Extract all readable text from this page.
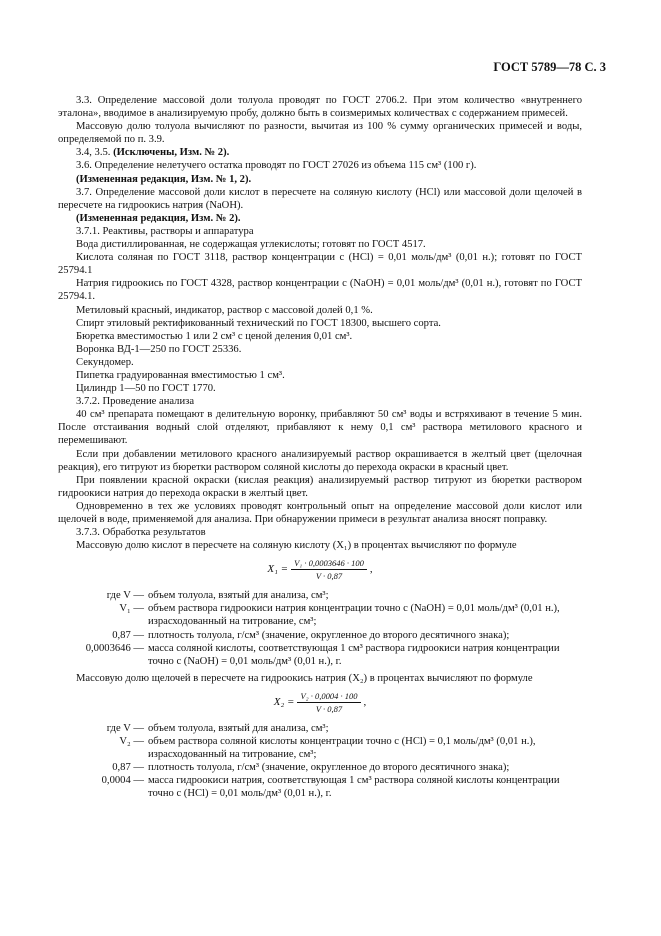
ГОСТ 5789—78 С. 3

3.3. Определение массовой доли толуола проводят по ГОСТ 2706.2. При этом количество «внутреннего эталона», вводимое в анализируемую пробу, должно быть в соизмеримых количествах с содержанием примесей.

Массовую долю толуола вычисляют по разности, вычитая из 100 % сумму органических примесей и воды, определяемой по п. 3.9.

3.4, 3.5. (Исключены, Изм. № 2).

3.6. Определение нелетучего остатка проводят по ГОСТ 27026 из объема 115 см³ (100 г).

(Измененная редакция, Изм. № 1, 2).

3.7. Определение массовой доли кислот в пересчете на соляную кислоту (HCl) или массовой доли щелочей в пересчете на гидроокись натрия (NaOH).

(Измененная редакция, Изм. № 2).

3.7.1. Реактивы, растворы и аппаратура

Вода дистиллированная, не содержащая углекислоты; готовят по ГОСТ 4517.

Кислота соляная по ГОСТ 3118, раствор концентрации c (HCl) = 0,01 моль/дм³ (0,01 н.); готовят по ГОСТ 25794.1

Натрия гидроокись по ГОСТ 4328, раствор концентрации c (NaOH) = 0,01 моль/дм³ (0,01 н.), готовят по ГОСТ 25794.1.

Метиловый красный, индикатор, раствор с массовой долей 0,1 %.

Спирт этиловый ректификованный технический по ГОСТ 18300, высшего сорта.

Бюретка вместимостью 1 или 2 см³ с ценой деления 0,01 см³.

Воронка ВД-1—250 по ГОСТ 25336.

Секундомер.

Пипетка градуированная вместимостью 1 см³.

Цилиндр 1—50 по ГОСТ 1770.

3.7.2. Проведение анализа

40 см³ препарата помещают в делительную воронку, прибавляют 50 см³ воды и встряхивают в течение 5 мин. После отстаивания водный слой отделяют, прибавляют к нему 0,1 см³ раствора метилового красного и перемешивают.

Если при добавлении метилового красного анализируемый раствор окрашивается в желтый цвет (щелочная реакция), его титруют из бюретки раствором соляной кислоты до перехода окраски в красный цвет.

При появлении красной окраски (кислая реакция) анализируемый раствор титруют из бюретки раствором гидроокиси натрия до перехода окраски в желтый цвет.

Одновременно в тех же условиях проводят контрольный опыт на определение массовой доли кислот или щелочей в воде, применяемой для анализа. При обнаружении примеси в результат анализа вносят поправку.

3.7.3. Обработка результатов

Массовую долю кислот в пересчете на соляную кислоту (X₁) в процентах вычисляют по формуле

$X_1 = \frac{\text{V₁ · 0,0003646 · 100}}{V \cdot 0,87}$ ,
где V — объем толуола, взятый для анализа, см³;
V₁ — объем раствора гидроокиси натрия концентрации точно c (NaOH) = 0,01 моль/дм³ (0,01 н.), израсходованный на титрование, см³;
0,87 — плотность толуола, г/см³ (значение, округленное до второго десятичного знака);
0,0003646 — масса соляной кислоты, соответствующая 1 см³ раствора гидроокиси натрия концентрации точно c (NaOH) = 0,01 моль/дм³ (0,01 н.), г.

Массовую долю щелочей в пересчете на гидроокись натрия (X₂) в процентах вычисляют по формуле

$X_2 = \frac{\text{V₂ · 0,0004 · 100}}{V \cdot 0,87}$ ,
где V — объем толуола, взятый для анализа, см³;
V₂ — объем раствора соляной кислоты концентрации точно c (HCl) = 0,1 моль/дм³ (0,01 н.), израсходованный на титрование, см³;
0,87 — плотность толуола, г/см³ (значение, округленное до второго десятичного знака);
0,0004 — масса гидроокиси натрия, соответствующая 1 см³ раствора соляной кислоты концентрации точно c (HCl) = 0,01 моль/дм³ (0,01 н.), г.
